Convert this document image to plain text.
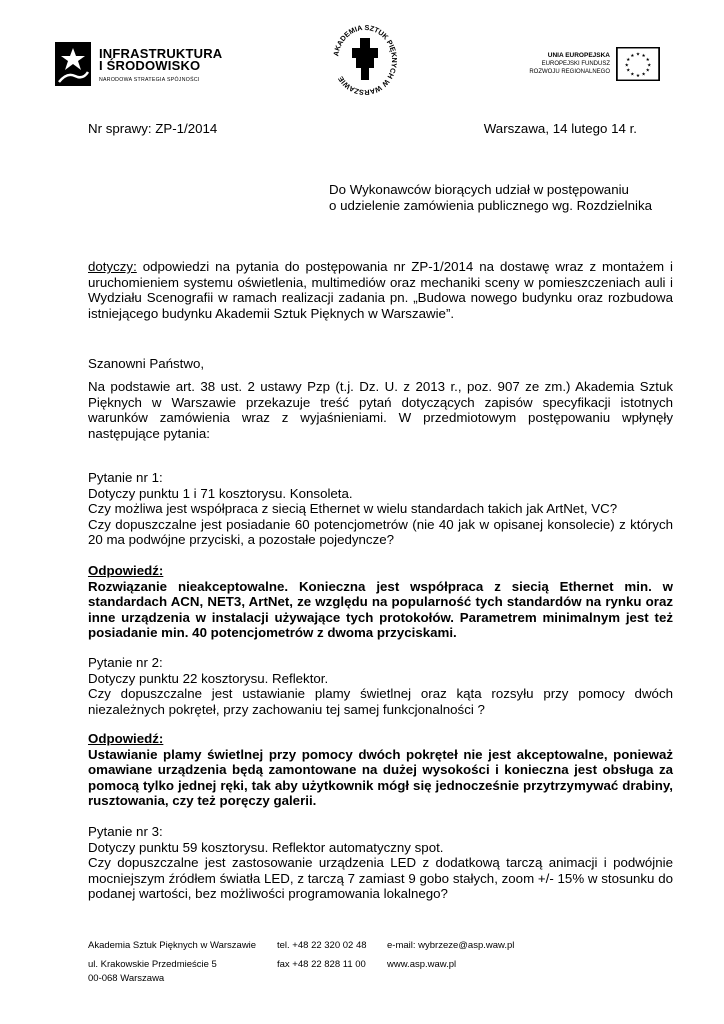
INFRASTRUKTURA
I ŚRODOWISKO
NARODOWA STRATEGIA SPÓJNOŚCI
AKADEMIA SZTUK PIĘKNYCH W WARSZAWIE
UNIA EUROPEJSKA
EUROPEJSKI FUNDUSZ
ROZWOJU REGIONALNEGO
★ ★
★
★
★
★
★
★
★
★
★
★
Nr sprawy: ZP-1/2014	Warszawa, 14 lutego 14 r.
Do Wykonawców biorących udział w postępowaniu
o udzielenie zamówienia publicznego wg. Rozdzielnika

dotyczy: odpowiedzi na pytania do postępowania nr ZP-1/2014 na dostawę wraz z montażem i uruchomieniem systemu oświetlenia, multimediów oraz mechaniki sceny w pomieszczeniach auli i Wydziału Scenografii w ramach realizacji zadania pn. „Budowa nowego budynku oraz rozbudowa istniejącego budynku Akademii Sztuk Pięknych w Warszawie”.

Szanowni Państwo,
Na podstawie art. 38 ust. 2 ustawy Pzp (t.j. Dz. U. z 2013 r., poz. 907 ze zm.) Akademia Sztuk Pięknych w Warszawie przekazuje treść pytań dotyczących zapisów specyfikacji istotnych warunków zamówienia wraz z wyjaśnieniami. W przedmiotowym postępowaniu wpłynęły następujące pytania:

Pytanie nr 1:

Dotyczy punktu 1 i 71 kosztorysu. Konsoleta.

Czy możliwa jest współpraca z siecią Ethernet w wielu standardach takich jak ArtNet, VC?

Czy dopuszczalne jest posiadanie 60 potencjometrów (nie 40 jak w opisanej konsolecie) z których 20 ma podwójne przyciski, a pozostałe pojedyncze?

Odpowiedź:

Rozwiązanie nieakceptowalne. Konieczna jest współpraca z siecią Ethernet min. w standardach ACN, NET3, ArtNet, ze względu na popularność tych standardów na rynku oraz inne urządzenia w instalacji używające tych protokołów. Parametrem minimalnym jest też posiadanie min. 40 potencjometrów z dwoma przyciskami.

Pytanie nr 2:

Dotyczy punktu 22 kosztorysu. Reflektor.

Czy dopuszczalne jest ustawianie plamy świetlnej oraz kąta rozsyłu przy pomocy dwóch niezależnych pokręteł, przy zachowaniu tej samej funkcjonalności ?

Odpowiedź:

Ustawianie plamy świetlnej przy pomocy dwóch pokręteł nie jest akceptowalne, ponieważ omawiane urządzenia będą zamontowane na dużej wysokości i konieczna jest obsługa za pomocą tylko jednej ręki, tak aby użytkownik mógł się jednocześnie przytrzymywać drabiny, rusztowania, czy też poręczy galerii.

Pytanie nr 3:

Dotyczy punktu 59 kosztorysu. Reflektor automatyczny spot.

Czy dopuszczalne jest zastosowanie urządzenia LED z dodatkową tarczą animacji i podwójnie mocniejszym źródłem światła LED, z tarczą 7 zamiast 9 gobo stałych, zoom +/- 15% w stosunku do podanej wartości, bez możliwości programowania lokalnego?

Akademia Sztuk Pięknych w Warszawie tel. +48 22 320 02 48 e-mail: wybrzeze@asp.waw.pl
ul. Krakowskie Przedmieście 5	fax +48 22 828 11 00 www.asp.waw.pl
00-068 Warszawa
